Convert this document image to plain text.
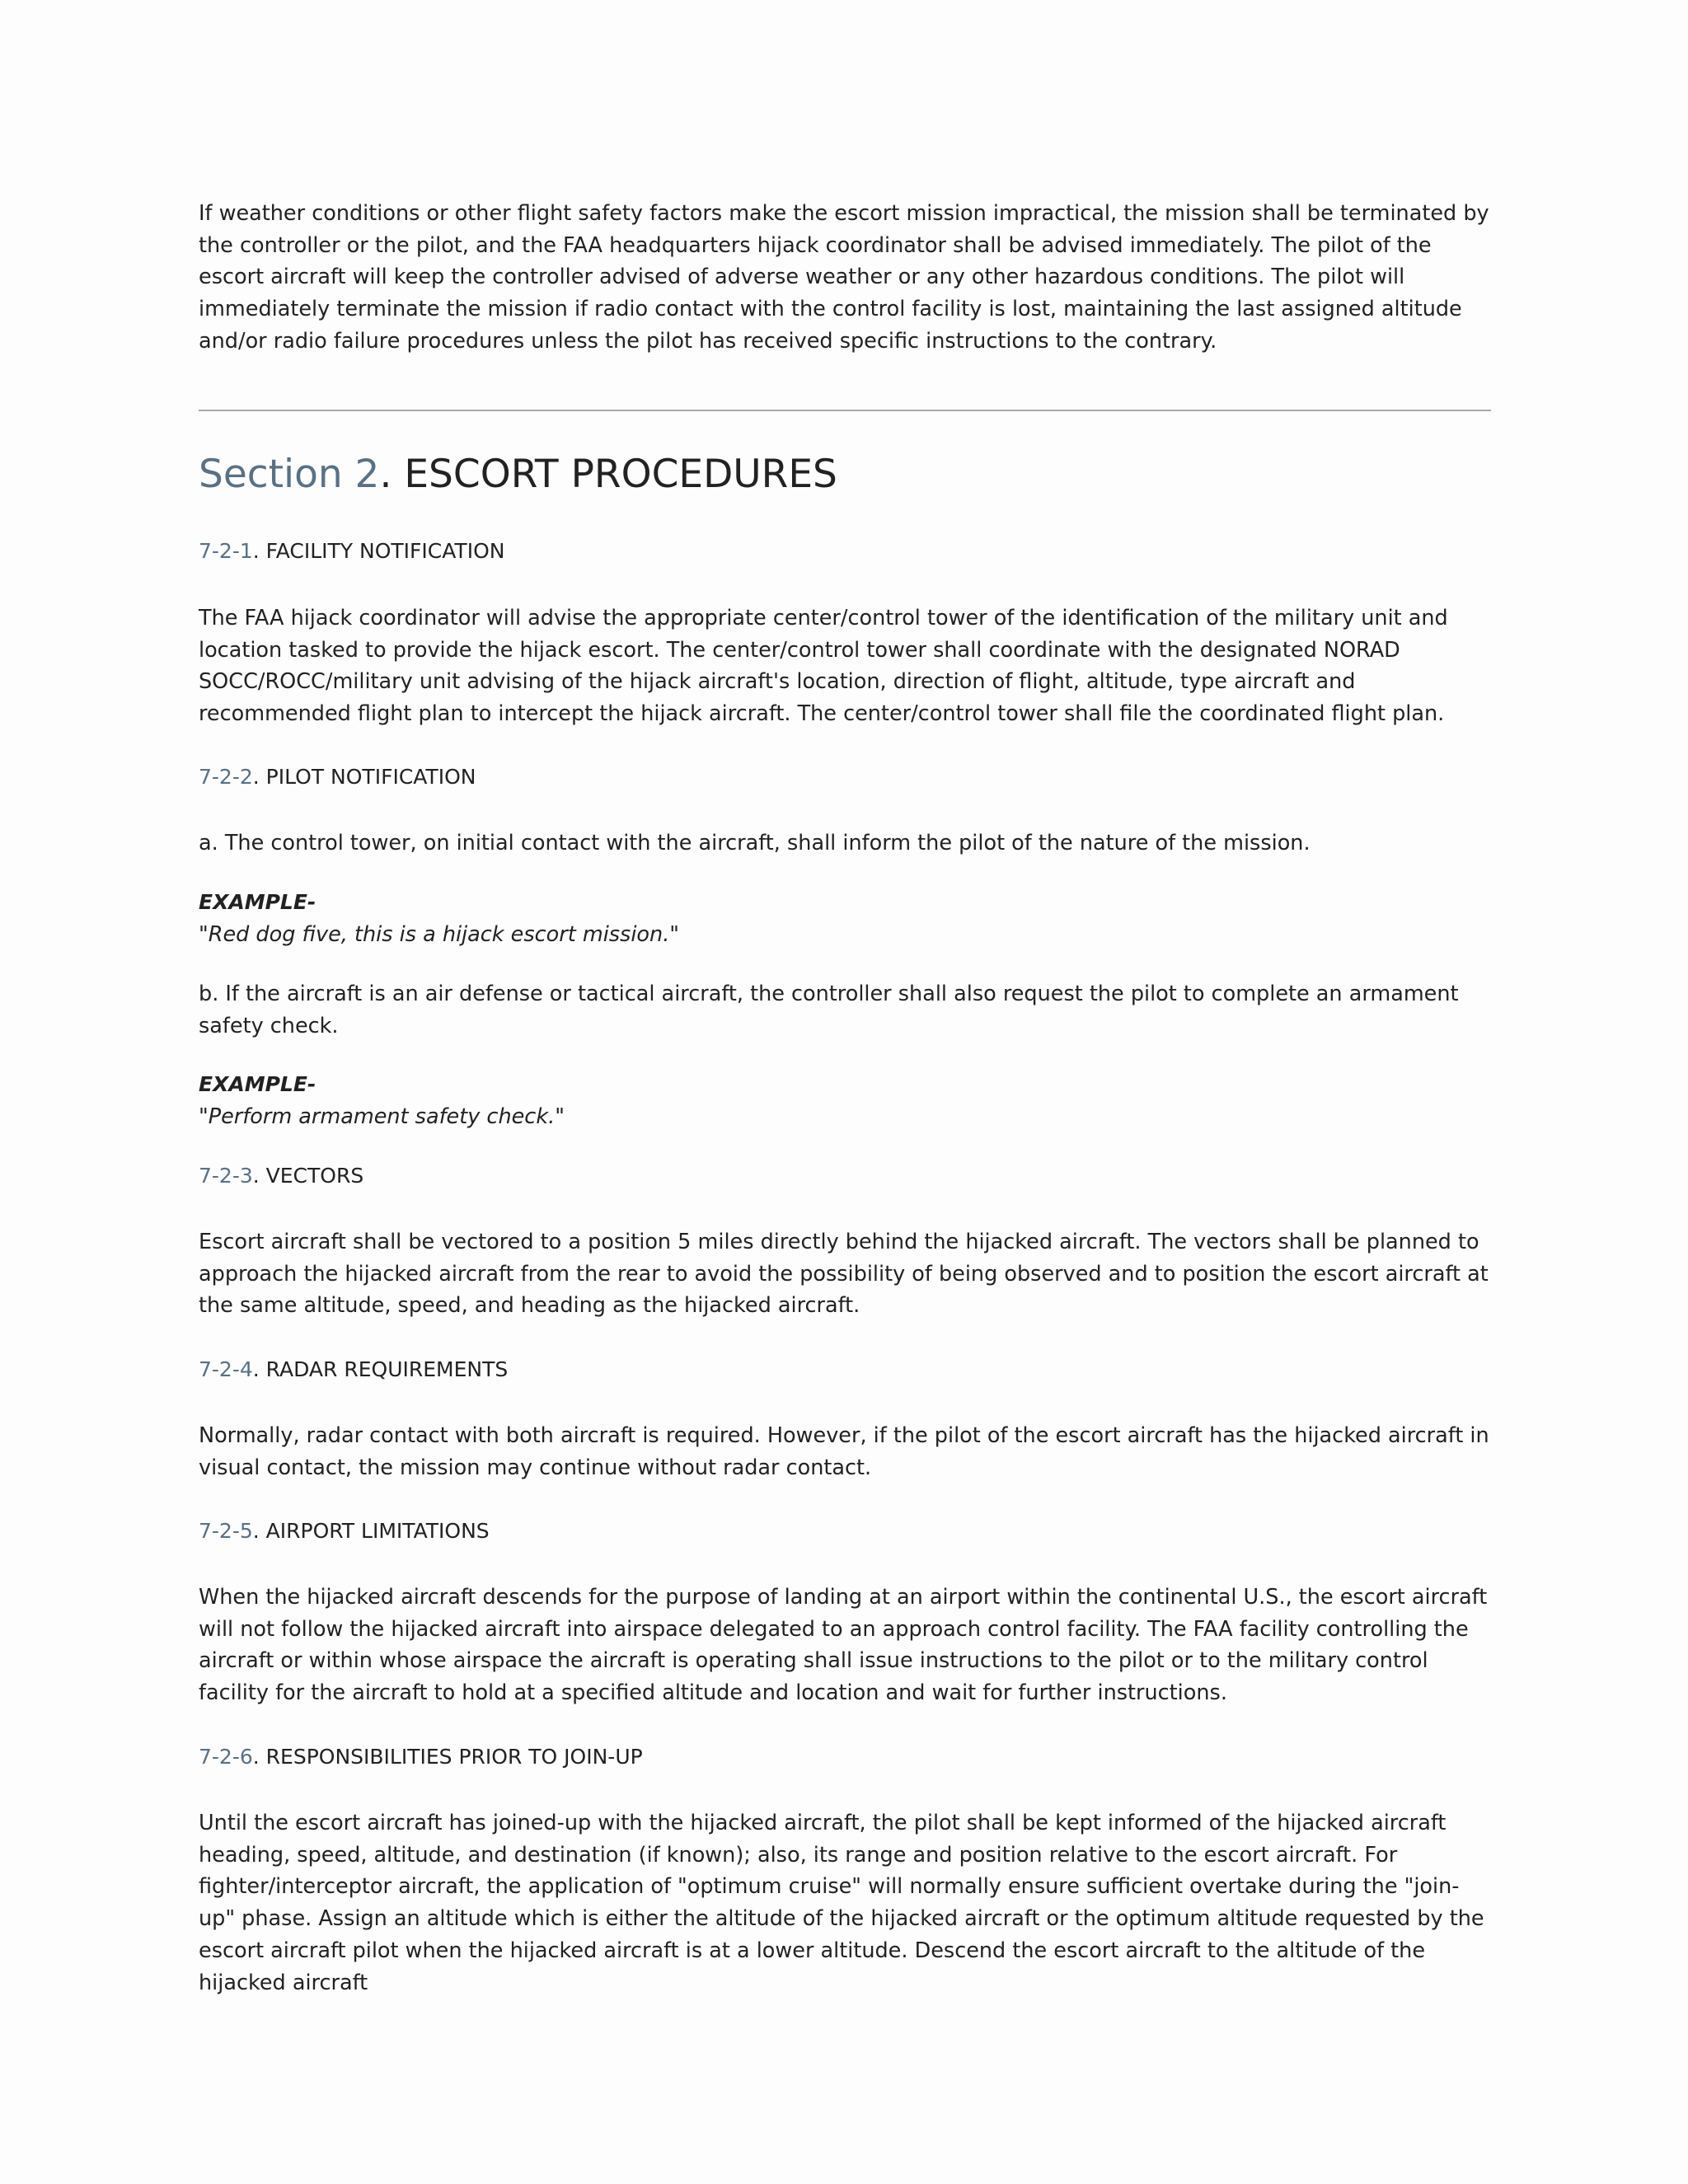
If weather conditions or other flight safety factors make the escort mission impractical, the mission shall be terminated by the controller or the pilot, and the FAA headquarters hijack coordinator shall be advised immediately. The pilot of the escort aircraft will keep the controller advised of adverse weather or any other hazardous conditions. The pilot will immediately terminate the mission if radio contact with the control facility is lost, maintaining the last assigned altitude and/or radio failure procedures unless the pilot has received specific instructions to the contrary.

Section 2. ESCORT PROCEDURES
7-2-1. FACILITY NOTIFICATION

The FAA hijack coordinator will advise the appropriate center/control tower of the identification of the military unit and location tasked to provide the hijack escort. The center/control tower shall coordinate with the designated NORAD SOCC/ROCC/military unit advising of the hijack aircraft's location, direction of flight, altitude, type aircraft and recommended flight plan to intercept the hijack aircraft. The center/control tower shall file the coordinated flight plan.

7-2-2. PILOT NOTIFICATION

a. The control tower, on initial contact with the aircraft, shall inform the pilot of the nature of the mission.

EXAMPLE-

"Red dog five, this is a hijack escort mission."

b. If the aircraft is an air defense or tactical aircraft, the controller shall also request the pilot to complete an armament safety check.

EXAMPLE-

"Perform armament safety check."

7-2-3. VECTORS

Escort aircraft shall be vectored to a position 5 miles directly behind the hijacked aircraft. The vectors shall be planned to approach the hijacked aircraft from the rear to avoid the possibility of being observed and to position the escort aircraft at the same altitude, speed, and heading as the hijacked aircraft.

7-2-4. RADAR REQUIREMENTS

Normally, radar contact with both aircraft is required. However, if the pilot of the escort aircraft has the hijacked aircraft in visual contact, the mission may continue without radar contact.

7-2-5. AIRPORT LIMITATIONS

When the hijacked aircraft descends for the purpose of landing at an airport within the continental U.S., the escort aircraft will not follow the hijacked aircraft into airspace delegated to an approach control facility. The FAA facility controlling the aircraft or within whose airspace the aircraft is operating shall issue instructions to the pilot or to the military control facility for the aircraft to hold at a specified altitude and location and wait for further instructions.

7-2-6. RESPONSIBILITIES PRIOR TO JOIN-UP

Until the escort aircraft has joined-up with the hijacked aircraft, the pilot shall be kept informed of the hijacked aircraft heading, speed, altitude, and destination (if known); also, its range and position relative to the escort aircraft. For fighter/interceptor aircraft, the application of "optimum cruise" will normally ensure sufficient overtake during the "join-up" phase. Assign an altitude which is either the altitude of the hijacked aircraft or the optimum altitude requested by the escort aircraft pilot when the hijacked aircraft is at a lower altitude. Descend the escort aircraft to the altitude of the hijacked aircraft
